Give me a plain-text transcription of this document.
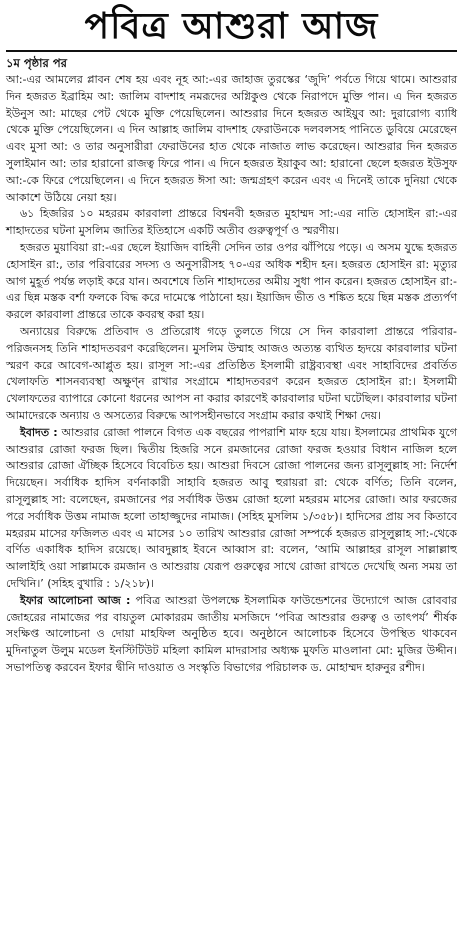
পবিত্র আশুরা আজ

১ম পৃষ্ঠার পর

আ:-এর আমলের প্লাবন শেষ হয় এবং নূহ আ:-এর জাহাজ তুরস্কের ‘জুদি’ পর্বতে গিয়ে থামে। আশুরার দিন হজরত ইব্রাহিম আ: জালিম বাদশাহ নমরূদের অগ্নিকুণ্ড থেকে নিরাপদে মুক্তি পান। এ দিন হজরত ইউনুস আ: মাছের পেট থেকে মুক্তি পেয়েছিলেন। আশুরার দিনে হজরত আইয়ুব আ: দুরারোগ্য ব্যাধি থেকে মুক্তি পেয়েছিলেন। এ দিন আল্লাহ জালিম বাদশাহ ফেরাউনকে দলবলসহ পানিতে ডুবিয়ে মেরেছেন এবং মুসা আ: ও তার অনুসারীরা ফেরাউনের হাত থেকে নাজাত লাভ করেছেন। আশুরার দিন হজরত সুলাইমান আ: তার হারানো রাজত্ব ফিরে পান। এ দিনে হজরত ইয়াকুব আ: হারানো ছেলে হজরত ইউসুফ আ:-কে ফিরে পেয়েছিলেন। এ দিনে হজরত ঈসা আ: জন্মগ্রহণ করেন এবং এ দিনেই তাকে দুনিয়া থেকে আকাশে উঠিয়ে নেয়া হয়।

৬১ হিজরির ১০ মহররম কারবালা প্রান্তরে বিশ্বনবী হজরত মুহাম্মদ সা:-এর নাতি হোসাইন রা:-এর শাহাদতের ঘটনা মুসলিম জাতির ইতিহাসে একটি অতীব গুরুত্বপূর্ণ ও স্মরণীয়।

হজরত মুয়াবিয়া রা:-এর ছেলে ইয়াজিদ বাহিনী সেদিন তার ওপর ঝাঁপিয়ে পড়ে। এ অসম যুদ্ধে হজরত হোসাইন রা:, তার পরিবারের সদস্য ও অনুসারীসহ ৭০-এর অধিক শহীদ হন। হজরত হোসাইন রা: মৃত্যুর আগ মুহূর্ত পর্যন্ত লড়াই করে যান। অবশেষে তিনি শাহাদতের অমীয় সুধা পান করেন। হজরত হোসাইন রা:-এর ছিন্ন মস্তক বর্শা ফলকে বিদ্ধ করে দামেস্কে পাঠানো হয়। ইয়াজিদ ভীত ও শঙ্কিত হয়ে ছিন্ন মস্তক প্রত্যর্পণ করলে কারবালা প্রান্তরে তাকে কবরস্থ করা হয়।

অন্যায়ের বিরুদ্ধে প্রতিবাদ ও প্রতিরোধ গড়ে তুলতে গিয়ে সে দিন কারবালা প্রান্তরে পরিবার-পরিজনসহ তিনি শাহাদতবরণ করেছিলেন। মুসলিম উম্মাহ আজও অত্যন্ত ব্যথিত হৃদয়ে কারবালার ঘটনা স্মরণ করে আবেগ-আপ্লুত হয়। রাসূল সা:-এর প্রতিষ্ঠিত ইসলামী রাষ্ট্রব্যবস্থা এবং সাহাবিদের প্রবর্তিত খেলাফতি শাসনব্যবস্থা অক্ষুণ্ন রাখার সংগ্রামে শাহাদতবরণ করেন হজরত হোসাইন রা:। ইসলামী খেলাফতের ব্যাপারে কোনো ধরনের আপস না করার কারণেই কারবালার ঘটনা ঘটেছিল। কারবালার ঘটনা আমাদেরকে অন্যায় ও অসত্যের বিরুদ্ধে আপসহীনভাবে সংগ্রাম করার কথাই শিক্ষা দেয়।

ইবাদত : আশুরার রোজা পালনে বিগত এক বছরের পাপরাশি মাফ হয়ে যায়। ইসলামের প্রাথমিক যুগে আশুরার রোজা ফরজ ছিল। দ্বিতীয় হিজরি সনে রমজানের রোজা ফরজ হওয়ার বিধান নাজিল হলে আশুরার রোজা ঐচ্ছিক হিসেবে বিবেচিত হয়। আশুরা দিবসে রোজা পালনের জন্য রাসূলুল্লাহ সা: নির্দেশ দিয়েছেন। সর্বাধিক হাদিস বর্ণনাকারী সাহাবি হজরত আবু হুরায়রা রা: থেকে বর্ণিত; তিনি বলেন, রাসূলুল্লাহ সা: বলেছেন, রমজানের পর সর্বাধিক উত্তম রোজা হলো মহররম মাসের রোজা। আর ফরজের পরে সর্বাধিক উত্তম নামাজ হলো তাহাজ্জুদের নামাজ। (সহিহ মুসলিম ১/৩৫৮)। হাদিসের প্রায় সব কিতাবে মহররম মাসের ফজিলত এবং এ মাসের ১০ তারিখ আশুরার রোজা সম্পর্কে হজরত রাসূলুল্লাহ সা:-থেকে বর্ণিত একাধিক হাদিস রয়েছে। আবদুল্লাহ ইবনে আব্বাস রা: বলেন, ‘আমি আল্লাহর রাসূল সাল্লাল্লাহু আলাইহি ওয়া সাল্লামকে রমজান ও আশুরায় যেরূপ গুরুত্বের সাথে রোজা রাখতে দেখেছি অন্য সময় তা দেখিনি।’ (সহিহ বুখারি : ১/২১৮)।

ইফার আলোচনা আজ : পবিত্র আশুরা উপলক্ষে ইসলামিক ফাউন্ডেশনের উদ্যোগে আজ রোববার জোহরের নামাজের পর বায়তুল মোকাররম জাতীয় মসজিদে ‘পবিত্র আশুরার গুরুত্ব ও তাৎপর্য’ শীর্ষক সংক্ষিপ্ত আলোচনা ও দোয়া মাহফিল অনুষ্ঠিত হবে। অনুষ্ঠানে আলোচক হিসেবে উপস্থিত থাকবেন মুদিনাতুল উলুম মডেল ইনস্টিটিউট মহিলা কামিল মাদরাসার অধ্যক্ষ মুফতি মাওলানা মো: মুজির উদ্দীন। সভাপতিত্ব করবেন ইফার দ্বীনি দাওয়াত ও সংস্কৃতি বিভাগের পরিচালক ড. মোহাম্মদ হারুনুর রশীদ।
